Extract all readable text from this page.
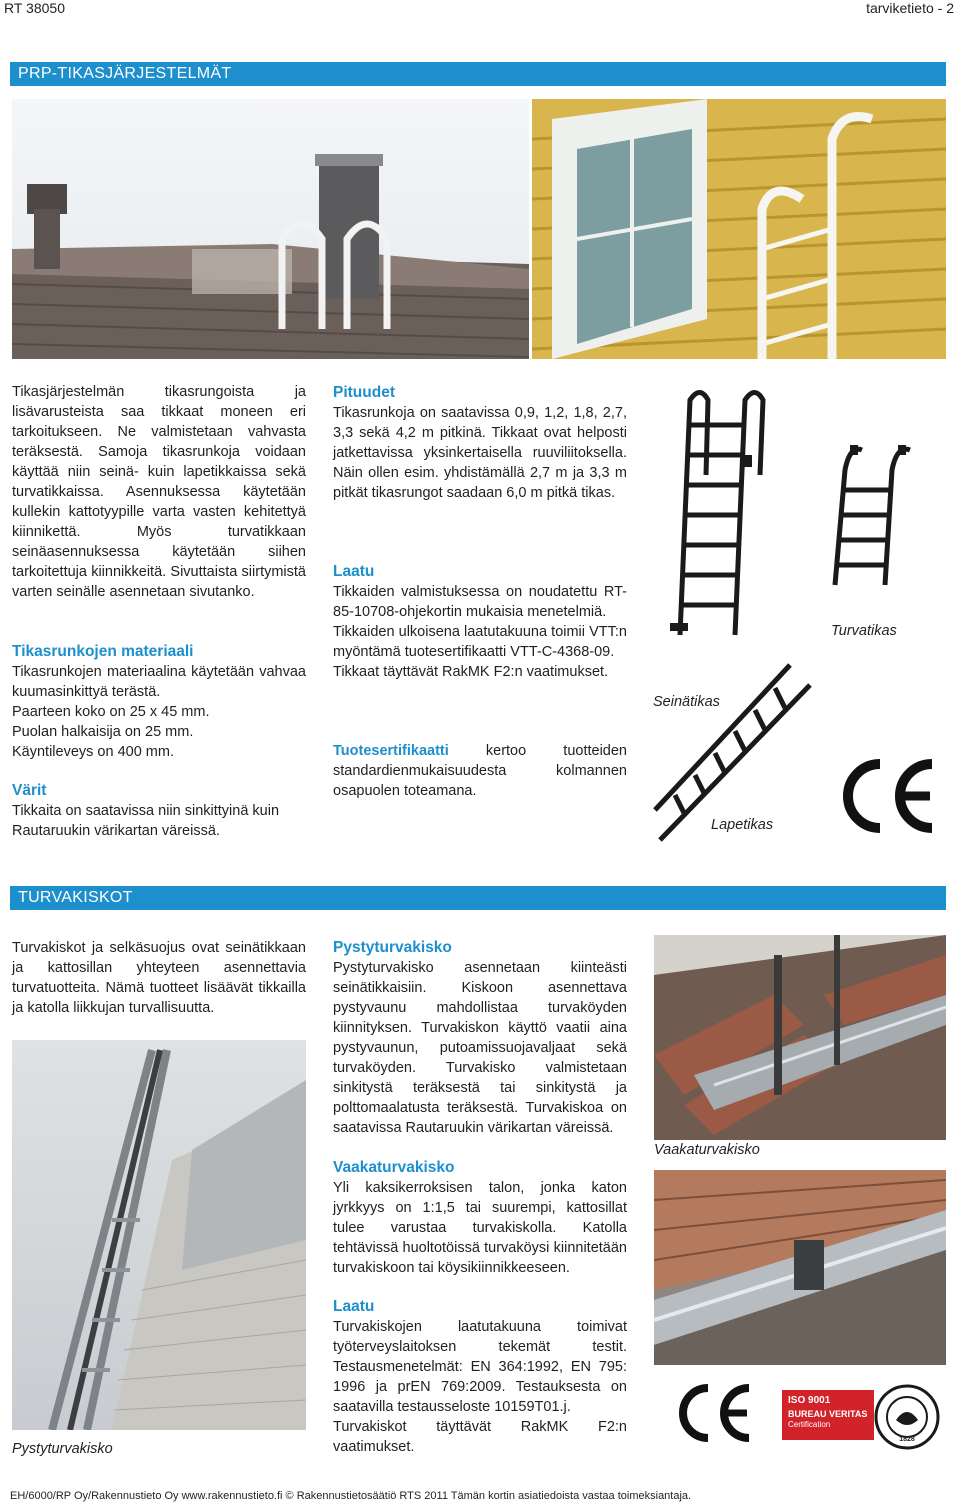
RT 38050	tarviketieto - 2
PRP-TIKASJÄRJESTELMÄT

Tikasjärjestelmän tikasrungoista ja lisävarusteista saa tikkaat moneen eri tarkoitukseen. Ne valmistetaan vahvasta teräksestä. Samoja tikasrunkoja voidaan käyttää niin seinä- kuin lapetikkaissa sekä turvatikkaissa. Asennuksessa käytetään kullekin kattotyypille varta vasten kehitettyä kiinnikettä. Myös turvatikkaan seinäasennuksessa käytetään siihen tarkoitettuja kiinnikkeitä. Sivuttaista siirtymistä varten seinälle asennetaan sivutanko.

Tikasrunkojen materiaali

Tikasrunkojen materiaalina käytetään vahvaa kuumasinkittyä terästä.

Paarteen koko on 25 x 45 mm.

Puolan halkaisija on 25 mm.

Käyntileveys on 400 mm.

Värit

Tikkaita on saatavissa niin sinkittyinä kuin Rautaruukin värikartan väreissä.

Pituudet

Tikasrunkoja on saatavissa 0,9, 1,2, 1,8, 2,7, 3,3 sekä 4,2 m pitkinä. Tikkaat ovat helposti jatkettavissa yksinkertaisella ruuviliitoksella. Näin ollen esim. yhdistämällä 2,7 m ja 3,3 m pitkät tikasrungot saadaan 6,0 m pitkä tikas.

Laatu

Tikkaiden valmistuksessa on noudatettu RT-85-10708-ohjekortin mukaisia menetelmiä.

Tikkaiden ulkoisena laatutakuuna toimii VTT:n myöntämä tuotesertifikaatti VTT-C-4368-09.

Tikkaat täyttävät RakMK F2:n vaatimukset.

Tuotesertifikaatti kertoo tuotteiden standardienmukaisuudesta kolmannen osapuolen toteamana.

Seinätikas
Turvatikas
Lapetikas
TURVAKISKOT

Turvakiskot ja selkäsuojus ovat seinätikkaan ja kattosillan yhteyteen asennettavia turvatuotteita. Nämä tuotteet lisäävät tikkailla ja katolla liikkujan turvallisuutta.

Pystyturvakisko

Pystyturvakisko

Pystyturvakisko asennetaan kiinteästi seinätikkaisiin. Kiskoon asennettava pystyvaunu mahdollistaa turvaköyden kiinnityksen. Turvakiskon käyttö vaatii aina pystyvaunun, putoamissuojavaljaat sekä turvaköyden. Turvakisko valmistetaan sinkitystä teräksestä tai sinkitystä ja polttomaalatusta teräksestä. Turvakiskoa on saatavissa Rautaruukin värikartan väreissä.

Vaakaturvakisko

Yli kaksikerroksisen talon, jonka katon jyrkkyys on 1:1,5 tai suurempi, kattosillat tulee varustaa turvakiskolla. Katolla tehtävissä huoltotöissä turvaköysi kiinnitetään turvakiskoon tai köysikiinnikkeeseen.

Laatu

Turvakiskojen laatutakuuna toimivat työterveyslaitoksen tekemät testit. Testausmenetelmät: EN 364:1992, EN 795: 1996 ja prEN 769:2009. Testauksesta on saatavilla testausseloste 10159T01.j.

Turvakiskot täyttävät RakMK F2:n vaatimukset.

Vaakaturvakisko
ISO 9001
BUREAU VERITAS
Certification
1828
EH/6000/RP Oy/Rakennustieto Oy www.rakennustieto.fi © Rakennustietosäätiö RTS 2011 Tämän kortin asiatiedoista vastaa toimeksiantaja.
